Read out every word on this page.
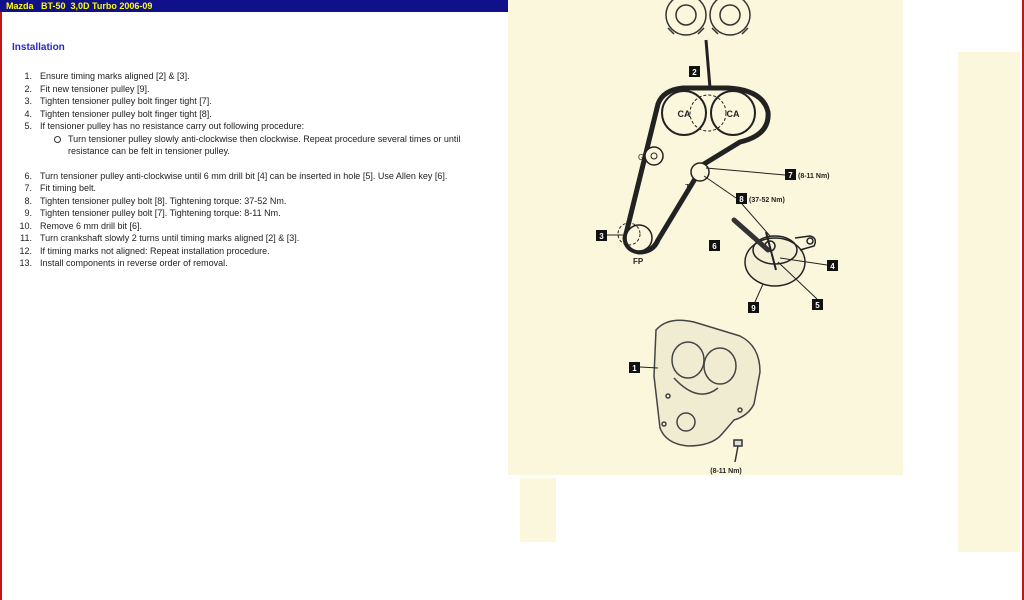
Mazda   BT-50  3,0D Turbo 2006-09
Installation
1. Ensure timing marks aligned [2] & [3].
2. Fit new tensioner pulley [9].
3. Tighten tensioner pulley bolt finger tight [7].
4. Tighten tensioner pulley bolt finger tight [8].
5. If tensioner pulley has no resistance carry out following procedure:
Turn tensioner pulley slowly anti-clockwise then clockwise. Repeat procedure several times or until resistance can be felt in tensioner pulley.
6. Turn tensioner pulley anti-clockwise until 6 mm drill bit [4] can be inserted in hole [5]. Use Allen key [6].
7. Fit timing belt.
8. Tighten tensioner pulley bolt [8]. Tightening torque: 37-52 Nm.
9. Tighten tensioner pulley bolt [7]. Tightening torque: 8-11 Nm.
10. Remove 6 mm drill bit [6].
11. Turn crankshaft slowly 2 turns until timing marks aligned [2] & [3].
12. If timing marks not aligned: Repeat installation procedure.
13. Install components in reverse order of removal.
CA	CA
G
T
FP
2
3
7 (8-11 Nm)
8 (37-52 Nm)
6
4
5
9
1
(8-11 Nm)
